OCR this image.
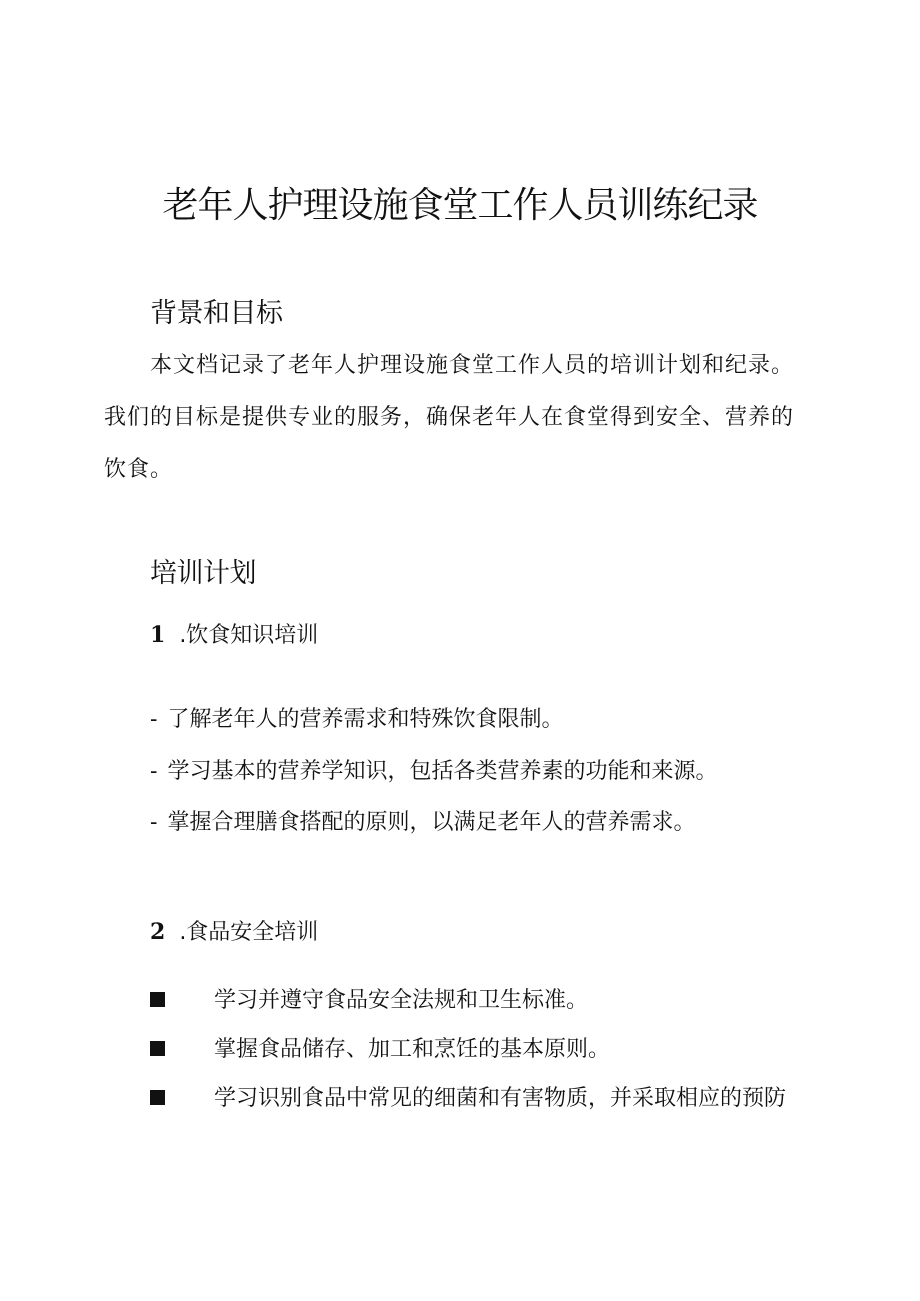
老年人护理设施食堂工作人员训练纪录
背景和目标
本文档记录了老年人护理设施食堂工作人员的培训计划和纪录。
我们的目标是提供专业的服务，确保老年人在食堂得到安全、营养的
饮食。
培训计划
1 .饮食知识培训
- 了解老年人的营养需求和特殊饮食限制。
- 学习基本的营养学知识，包括各类营养素的功能和来源。
- 掌握合理膳食搭配的原则，以满足老年人的营养需求。
2 .食品安全培训
学习并遵守食品安全法规和卫生标准。
掌握食品储存、加工和烹饪的基本原则。
学习识别食品中常见的细菌和有害物质，并采取相应的预防
